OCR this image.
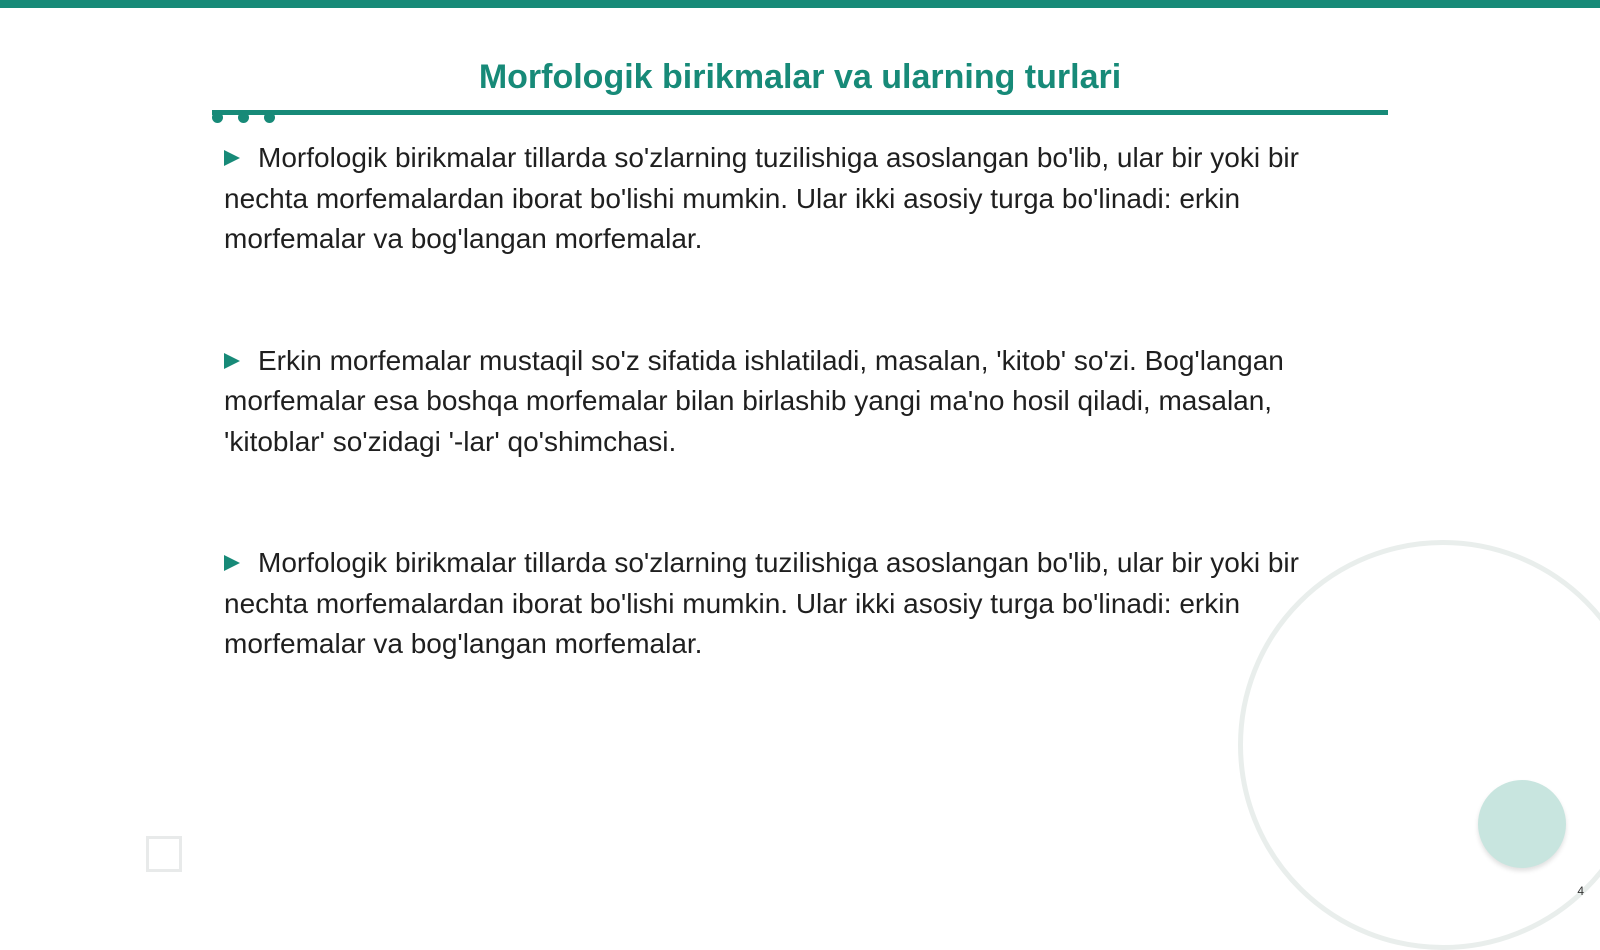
Morfologik birikmalar va ularning turlari

Morfologik birikmalar tillarda so'zlarning tuzilishiga asoslangan bo'lib, ular bir yoki bir nechta morfemalardan iborat bo'lishi mumkin. Ular ikki asosiy turga bo'linadi: erkin morfemalar va bog'langan morfemalar.

Erkin morfemalar mustaqil so'z sifatida ishlatiladi, masalan, 'kitob' so'zi. Bog'langan morfemalar esa boshqa morfemalar bilan birlashib yangi ma'no hosil qiladi, masalan, 'kitoblar' so'zidagi '-lar' qo'shimchasi.

Morfologik birikmalar tillarda so'zlarning tuzilishiga asoslangan bo'lib, ular bir yoki bir nechta morfemalardan iborat bo'lishi mumkin. Ular ikki asosiy turga bo'linadi: erkin morfemalar va bog'langan morfemalar.

4
